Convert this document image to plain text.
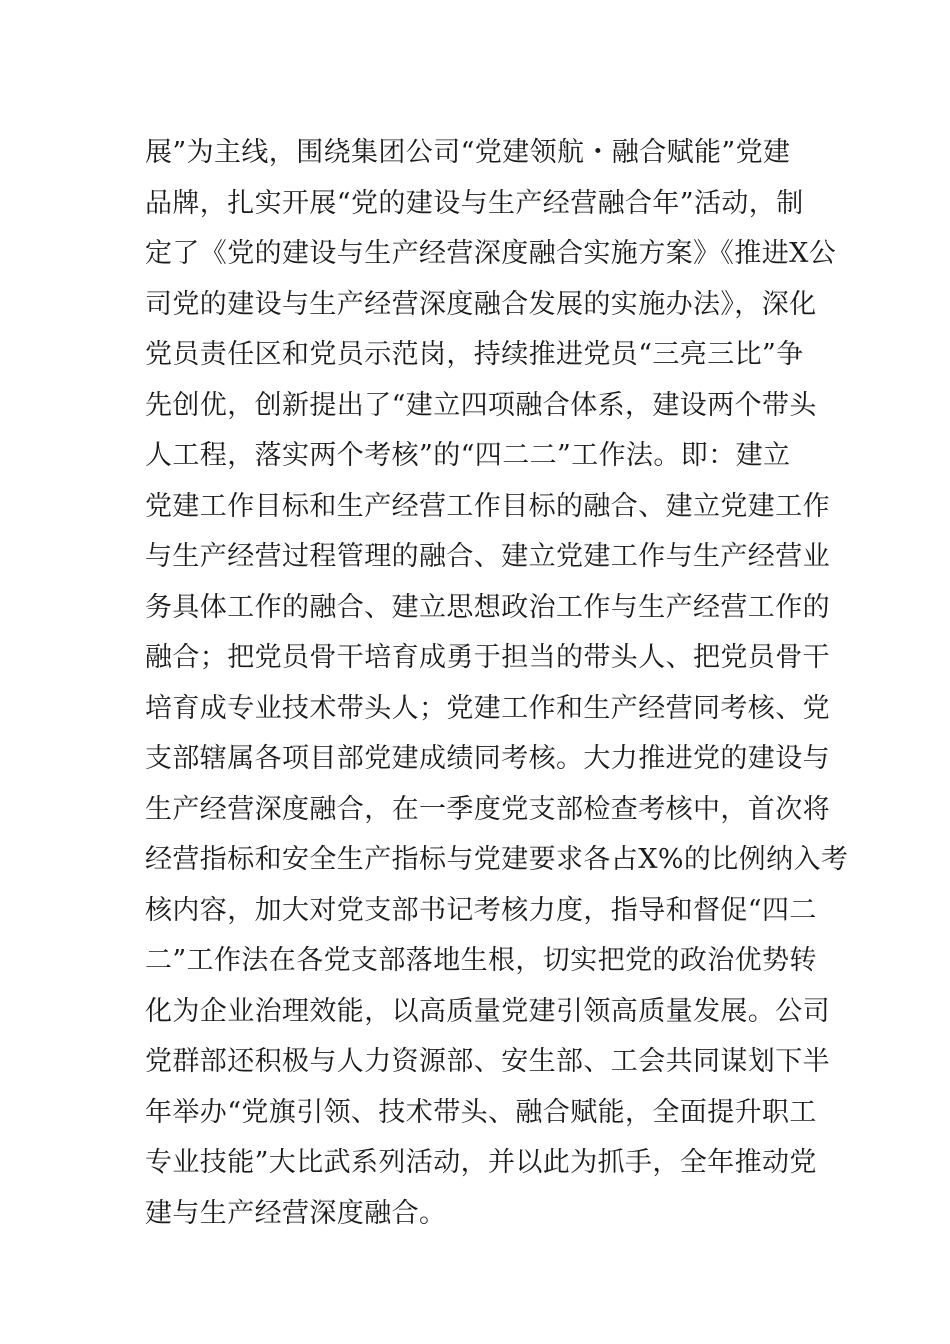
展”为主线，围绕集团公司“党建领航・融合赋能”党建
品牌，扎实开展“党的建设与生产经营融合年”活动，制
定了《党的建设与生产经营深度融合实施方案》《推进X公
司党的建设与生产经营深度融合发展的实施办法》，深化
党员责任区和党员示范岗，持续推进党员“三亮三比”争
先创优，创新提出了“建立四项融合体系，建设两个带头
人工程，落实两个考核”的“四二二”工作法。即：建立
党建工作目标和生产经营工作目标的融合、建立党建工作
与生产经营过程管理的融合、建立党建工作与生产经营业
务具体工作的融合、建立思想政治工作与生产经营工作的
融合；把党员骨干培育成勇于担当的带头人、把党员骨干
培育成专业技术带头人；党建工作和生产经营同考核、党
支部辖属各项目部党建成绩同考核。大力推进党的建设与
生产经营深度融合，在一季度党支部检查考核中，首次将
经营指标和安全生产指标与党建要求各占X%的比例纳入考
核内容，加大对党支部书记考核力度，指导和督促“四二
二”工作法在各党支部落地生根，切实把党的政治优势转
化为企业治理效能，以高质量党建引领高质量发展。公司
党群部还积极与人力资源部、安生部、工会共同谋划下半
年举办“党旗引领、技术带头、融合赋能，全面提升职工
专业技能”大比武系列活动，并以此为抓手，全年推动党
建与生产经营深度融合。
